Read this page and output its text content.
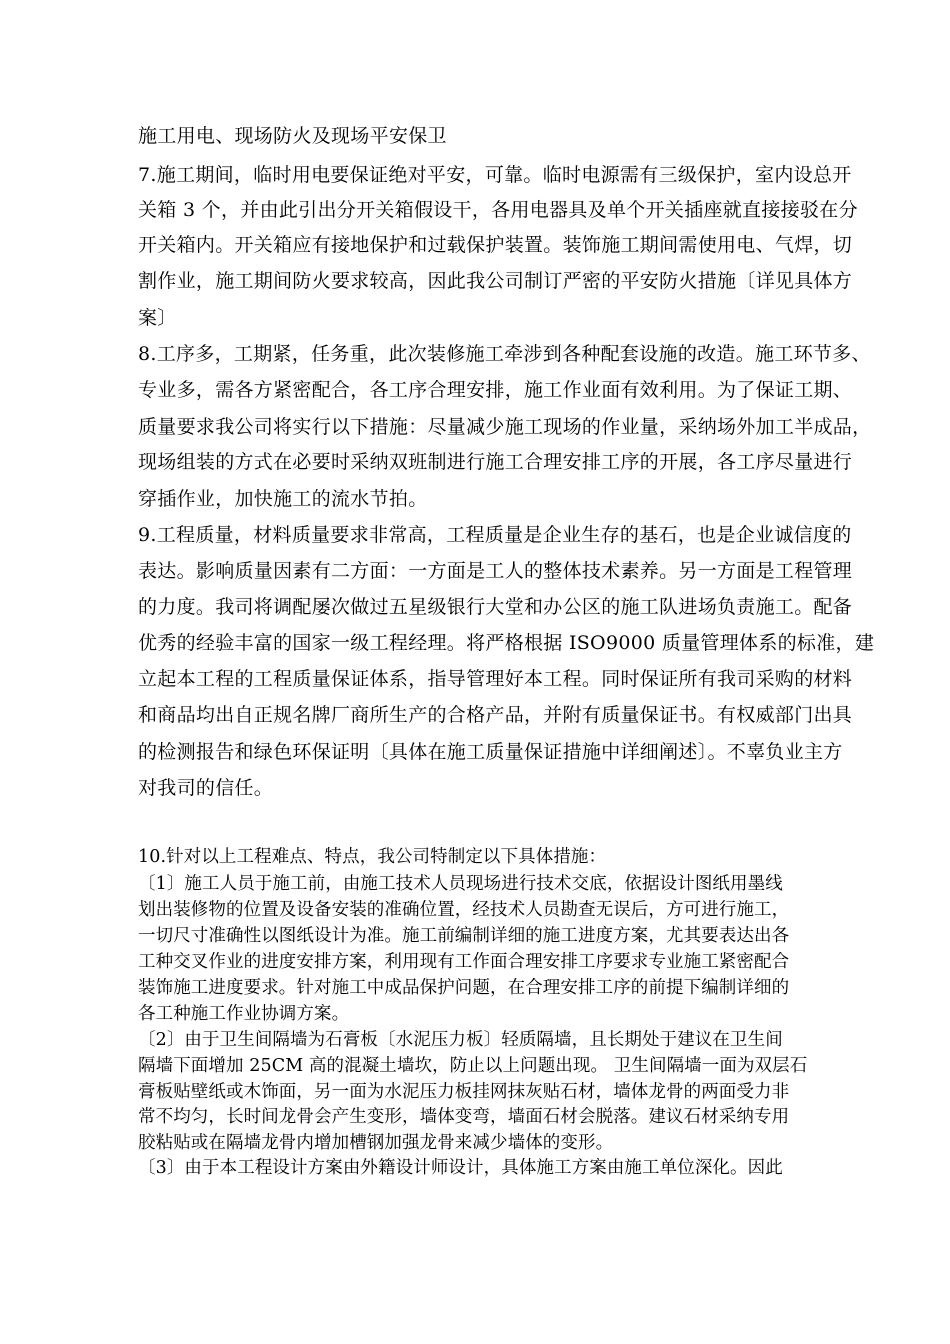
施工用电、现场防火及现场平安保卫
7.施工期间，临时用电要保证绝对平安，可靠。临时电源需有三级保护，室内设总开
关箱 3 个，并由此引出分开关箱假设干，各用电器具及单个开关插座就直接接驳在分
开关箱内。开关箱应有接地保护和过载保护装置。装饰施工期间需使用电、气焊，切
割作业，施工期间防火要求较高，因此我公司制订严密的平安防火措施〔详见具体方
案〕
8.工序多，工期紧，任务重，此次装修施工牵涉到各种配套设施的改造。施工环节多、
专业多，需各方紧密配合，各工序合理安排，施工作业面有效利用。为了保证工期、
质量要求我公司将实行以下措施：尽量减少施工现场的作业量，采纳场外加工半成品，
现场组装的方式在必要时采纳双班制进行施工合理安排工序的开展，各工序尽量进行
穿插作业，加快施工的流水节拍。
9.工程质量，材料质量要求非常高，工程质量是企业生存的基石，也是企业诚信度的
表达。影响质量因素有二方面：一方面是工人的整体技术素养。另一方面是工程管理
的力度。我司将调配屡次做过五星级银行大堂和办公区的施工队进场负责施工。配备
优秀的经验丰富的国家一级工程经理。将严格根据 ISO9000 质量管理体系的标准，建
立起本工程的工程质量保证体系，指导管理好本工程。同时保证所有我司采购的材料
和商品均出自正规名牌厂商所生产的合格产品，并附有质量保证书。有权威部门出具
的检测报告和绿色环保证明〔具体在施工质量保证措施中详细阐述〕。不辜负业主方
对我司的信任。
10.针对以上工程难点、特点，我公司特制定以下具体措施：
〔1〕施工人员于施工前，由施工技术人员现场进行技术交底，依据设计图纸用墨线
划出装修物的位置及设备安装的准确位置，经技术人员勘查无误后，方可进行施工，
一切尺寸准确性以图纸设计为准。施工前编制详细的施工进度方案，尤其要表达出各
工种交叉作业的进度安排方案，利用现有工作面合理安排工序要求专业施工紧密配合
装饰施工进度要求。针对施工中成品保护问题，在合理安排工序的前提下编制详细的
各工种施工作业协调方案。
〔2〕由于卫生间隔墙为石膏板〔水泥压力板〕轻质隔墙，且长期处于建议在卫生间
隔墙下面增加 25CM 高的混凝土墙坎，防止以上问题出现。 卫生间隔墙一面为双层石
膏板贴壁纸或木饰面，另一面为水泥压力板挂网抹灰贴石材，墙体龙骨的两面受力非
常不均匀，长时间龙骨会产生变形，墙体变弯，墙面石材会脱落。建议石材采纳专用
胶粘贴或在隔墙龙骨内增加槽钢加强龙骨来减少墙体的变形。
〔3〕由于本工程设计方案由外籍设计师设计，具体施工方案由施工单位深化。因此
